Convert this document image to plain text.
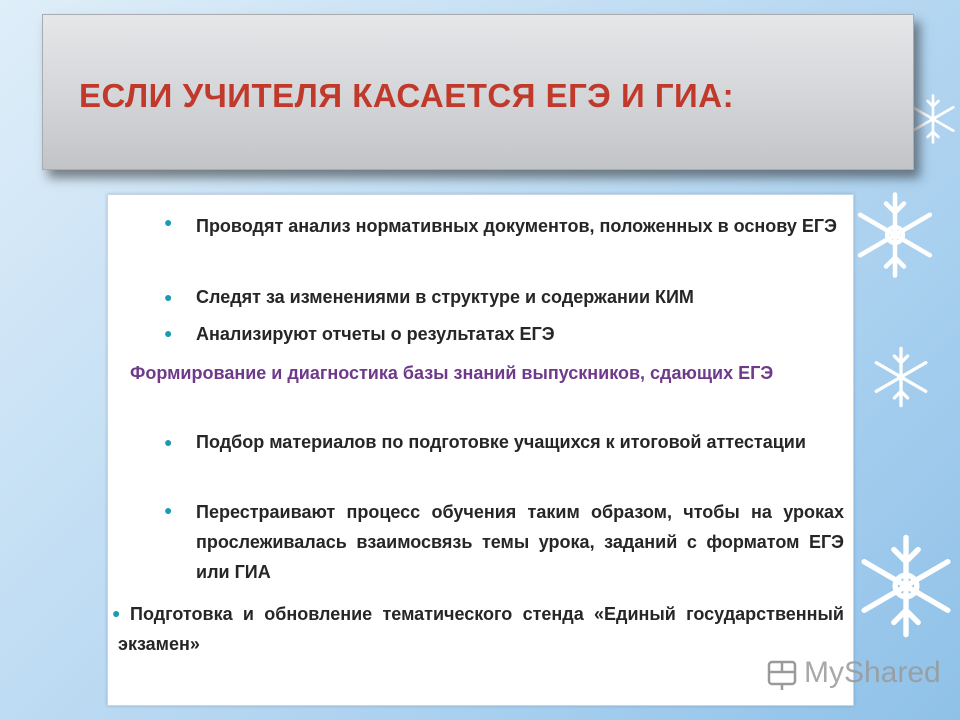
ЕСЛИ УЧИТЕЛЯ КАСАЕТСЯ ЕГЭ И ГИА:
● Проводят анализ нормативных документов, положенных в основу ЕГЭ
● Следят за изменениями в структуре и содержании КИМ
● Анализируют отчеты о результатах ЕГЭ
Формирование и диагностика базы знаний выпускников, сдающих ЕГЭ
● Подбор материалов по подготовке учащихся к итоговой аттестации
● Перестраивают процесс обучения таким образом, чтобы на уроках прослеживалась взаимосвязь темы урока, заданий с форматом ЕГЭ или ГИА
● Подготовка и обновление тематического стенда «Единый государственный экзамен»
MyShared
